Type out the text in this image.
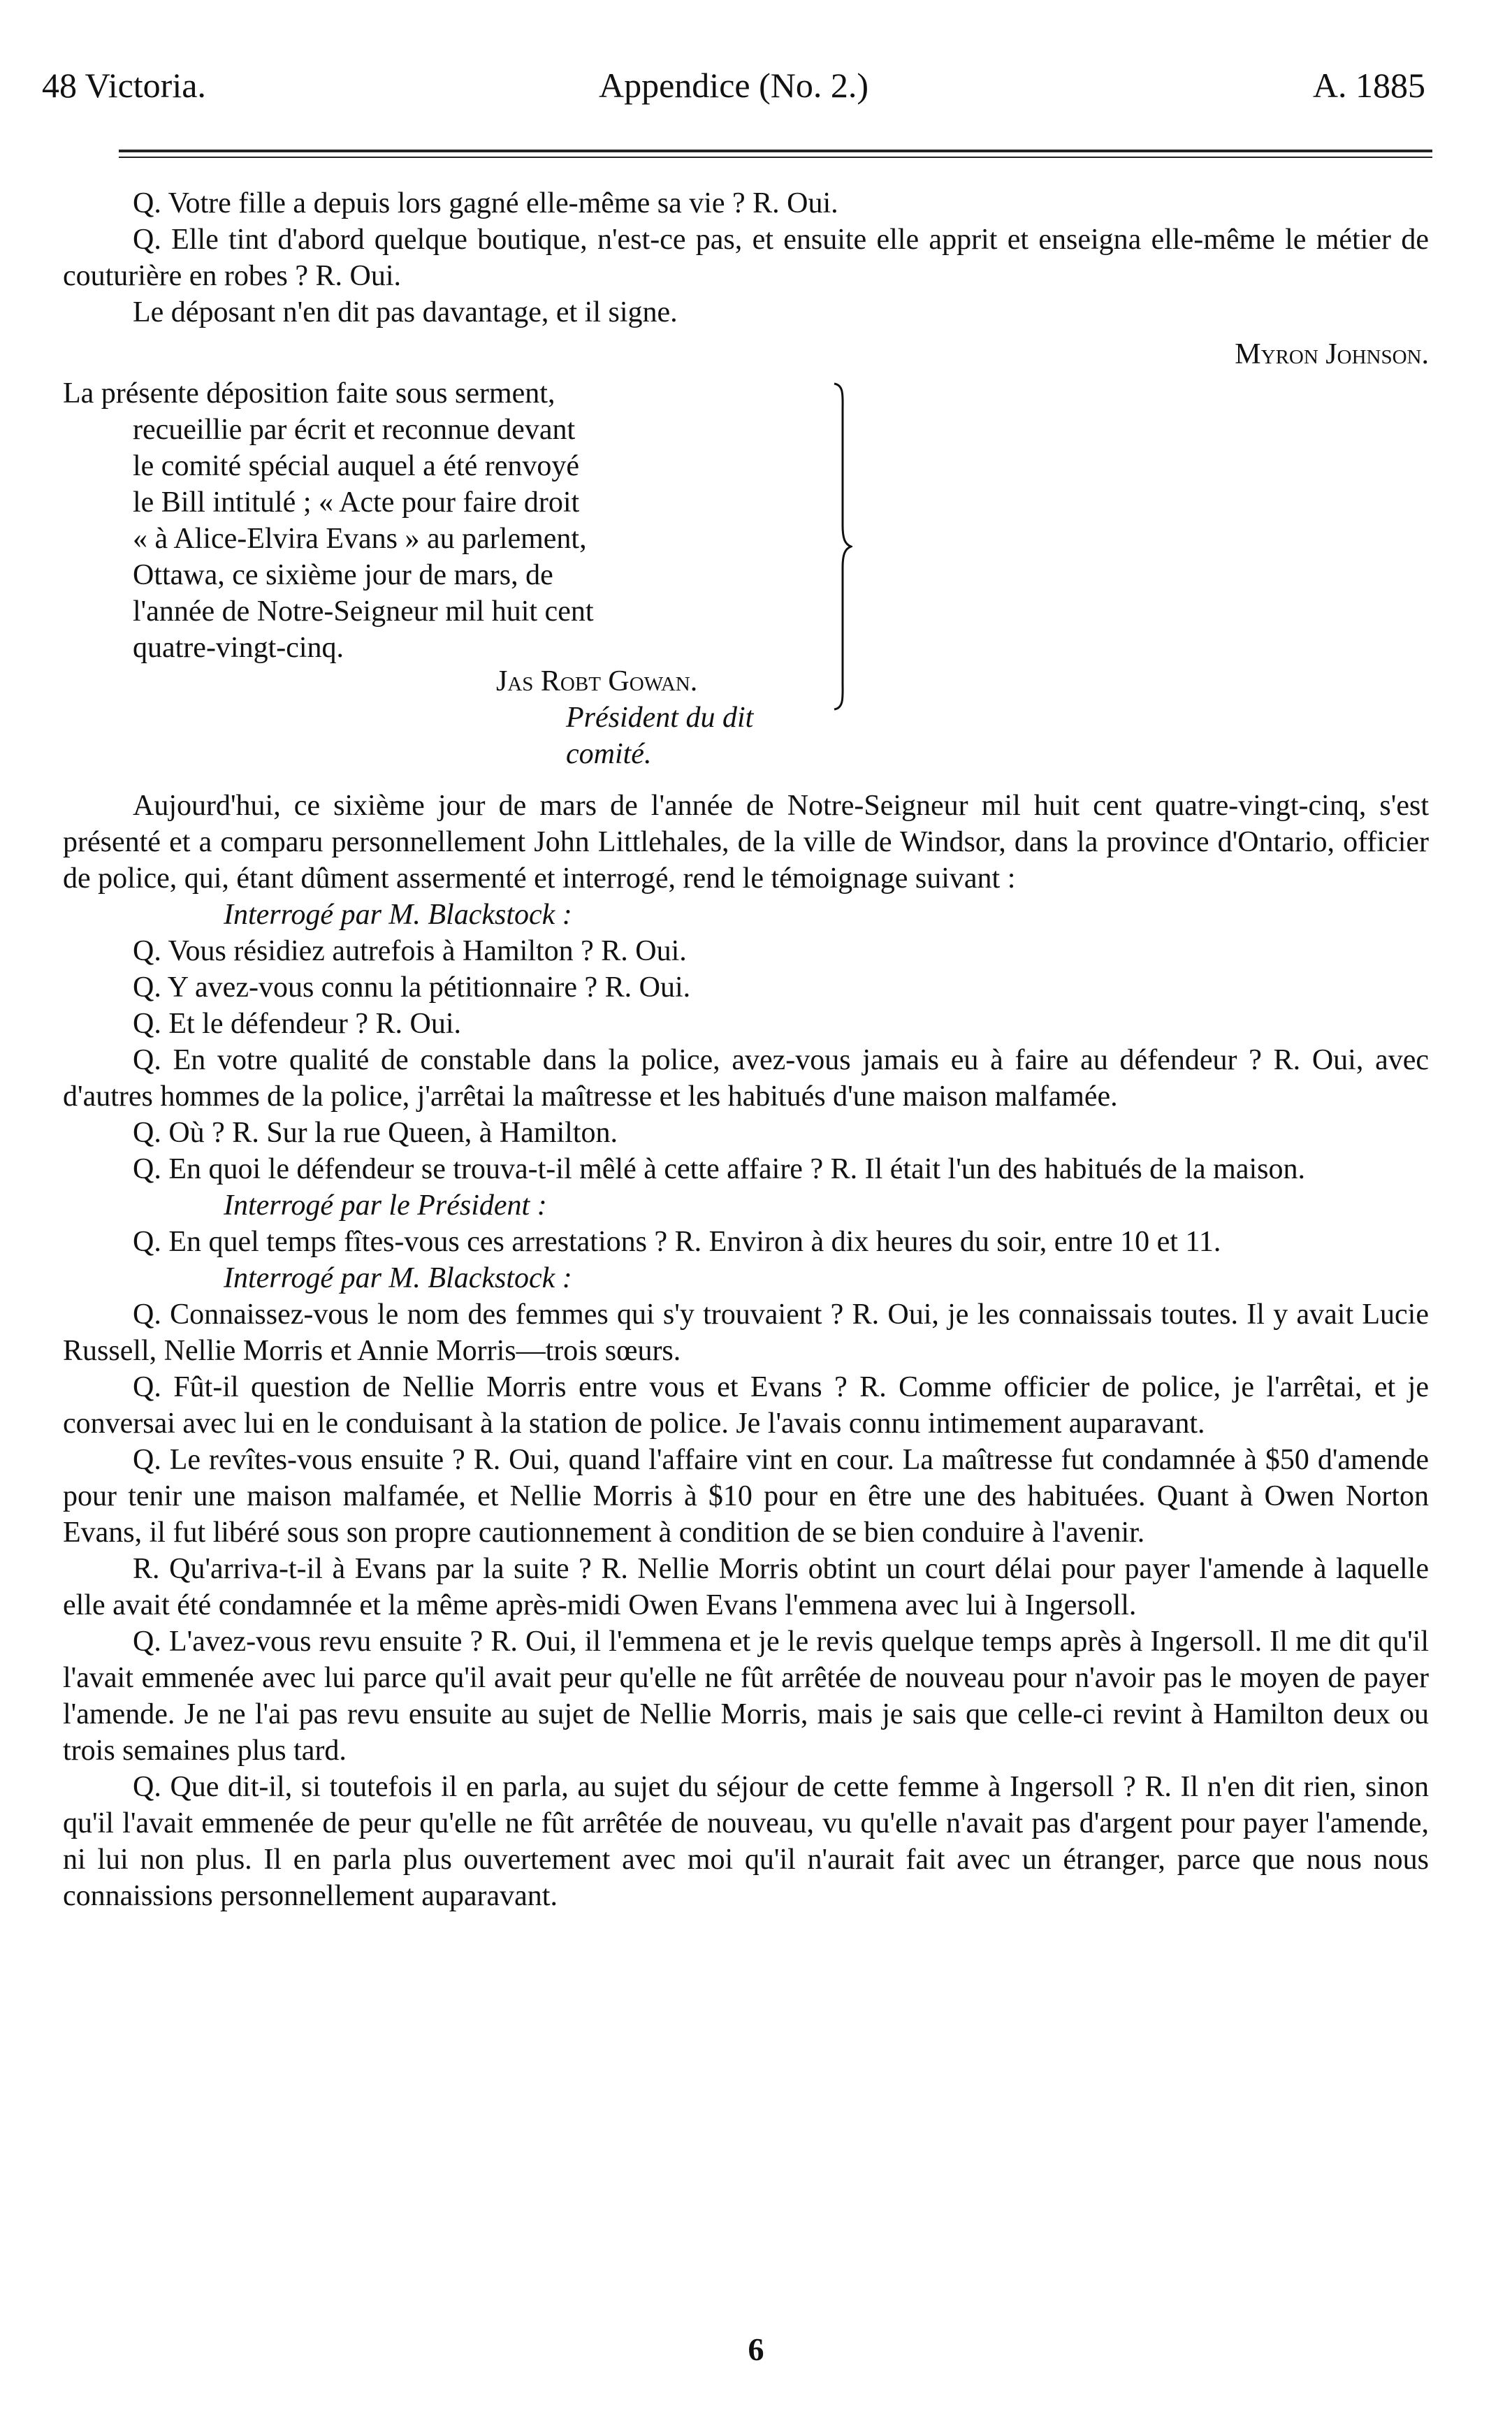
48 Victoria.	Appendice (No. 2.)	A. 1885

Q. Votre fille a depuis lors gagné elle-même sa vie ? R. Oui.

Q. Elle tint d'abord quelque boutique, n'est-ce pas, et ensuite elle apprit et enseigna elle-même le métier de couturière en robes ? R. Oui.

Le déposant n'en dit pas davantage, et il signe.

Myron Johnson.

La présente déposition faite sous serment,
recueillie par écrit et reconnue devant
le comité spécial auquel a été renvoyé
le Bill intitulé ; « Acte pour faire droit
« à Alice-Elvira Evans » au parlement,
Ottawa, ce sixième jour de mars, de
l'année de Notre-Seigneur mil huit cent
quatre-vingt-cinq.
Jas Robt Gowan.
Président du dit comité.

Aujourd'hui, ce sixième jour de mars de l'année de Notre-Seigneur mil huit cent quatre-vingt-cinq, s'est présenté et a comparu personnellement John Littlehales, de la ville de Windsor, dans la province d'Ontario, officier de police, qui, étant dûment assermenté et interrogé, rend le témoignage suivant :

Interrogé par M. Blackstock :

Q. Vous résidiez autrefois à Hamilton ? R. Oui.

Q. Y avez-vous connu la pétitionnaire ? R. Oui.

Q. Et le défendeur ? R. Oui.

Q. En votre qualité de constable dans la police, avez-vous jamais eu à faire au défendeur ? R. Oui, avec d'autres hommes de la police, j'arrêtai la maîtresse et les habitués d'une maison malfamée.

Q. Où ? R. Sur la rue Queen, à Hamilton.

Q. En quoi le défendeur se trouva-t-il mêlé à cette affaire ? R. Il était l'un des habitués de la maison.

Interrogé par le Président :

Q. En quel temps fîtes-vous ces arrestations ? R. Environ à dix heures du soir, entre 10 et 11.

Interrogé par M. Blackstock :

Q. Connaissez-vous le nom des femmes qui s'y trouvaient ? R. Oui, je les connaissais toutes. Il y avait Lucie Russell, Nellie Morris et Annie Morris—trois sœurs.

Q. Fût-il question de Nellie Morris entre vous et Evans ? R. Comme officier de police, je l'arrêtai, et je conversai avec lui en le conduisant à la station de police. Je l'avais connu intimement auparavant.

Q. Le revîtes-vous ensuite ? R. Oui, quand l'affaire vint en cour. La maîtresse fut condamnée à $50 d'amende pour tenir une maison malfamée, et Nellie Morris à $10 pour en être une des habituées. Quant à Owen Norton Evans, il fut libéré sous son propre cautionnement à condition de se bien conduire à l'avenir.

R. Qu'arriva-t-il à Evans par la suite ? R. Nellie Morris obtint un court délai pour payer l'amende à laquelle elle avait été condamnée et la même après-midi Owen Evans l'emmena avec lui à Ingersoll.

Q. L'avez-vous revu ensuite ? R. Oui, il l'emmena et je le revis quelque temps après à Ingersoll. Il me dit qu'il l'avait emmenée avec lui parce qu'il avait peur qu'elle ne fût arrêtée de nouveau pour n'avoir pas le moyen de payer l'amende. Je ne l'ai pas revu ensuite au sujet de Nellie Morris, mais je sais que celle-ci revint à Hamilton deux ou trois semaines plus tard.

Q. Que dit-il, si toutefois il en parla, au sujet du séjour de cette femme à Ingersoll ? R. Il n'en dit rien, sinon qu'il l'avait emmenée de peur qu'elle ne fût arrêtée de nouveau, vu qu'elle n'avait pas d'argent pour payer l'amende, ni lui non plus. Il en parla plus ouvertement avec moi qu'il n'aurait fait avec un étranger, parce que nous nous connaissions personnellement auparavant.

6
